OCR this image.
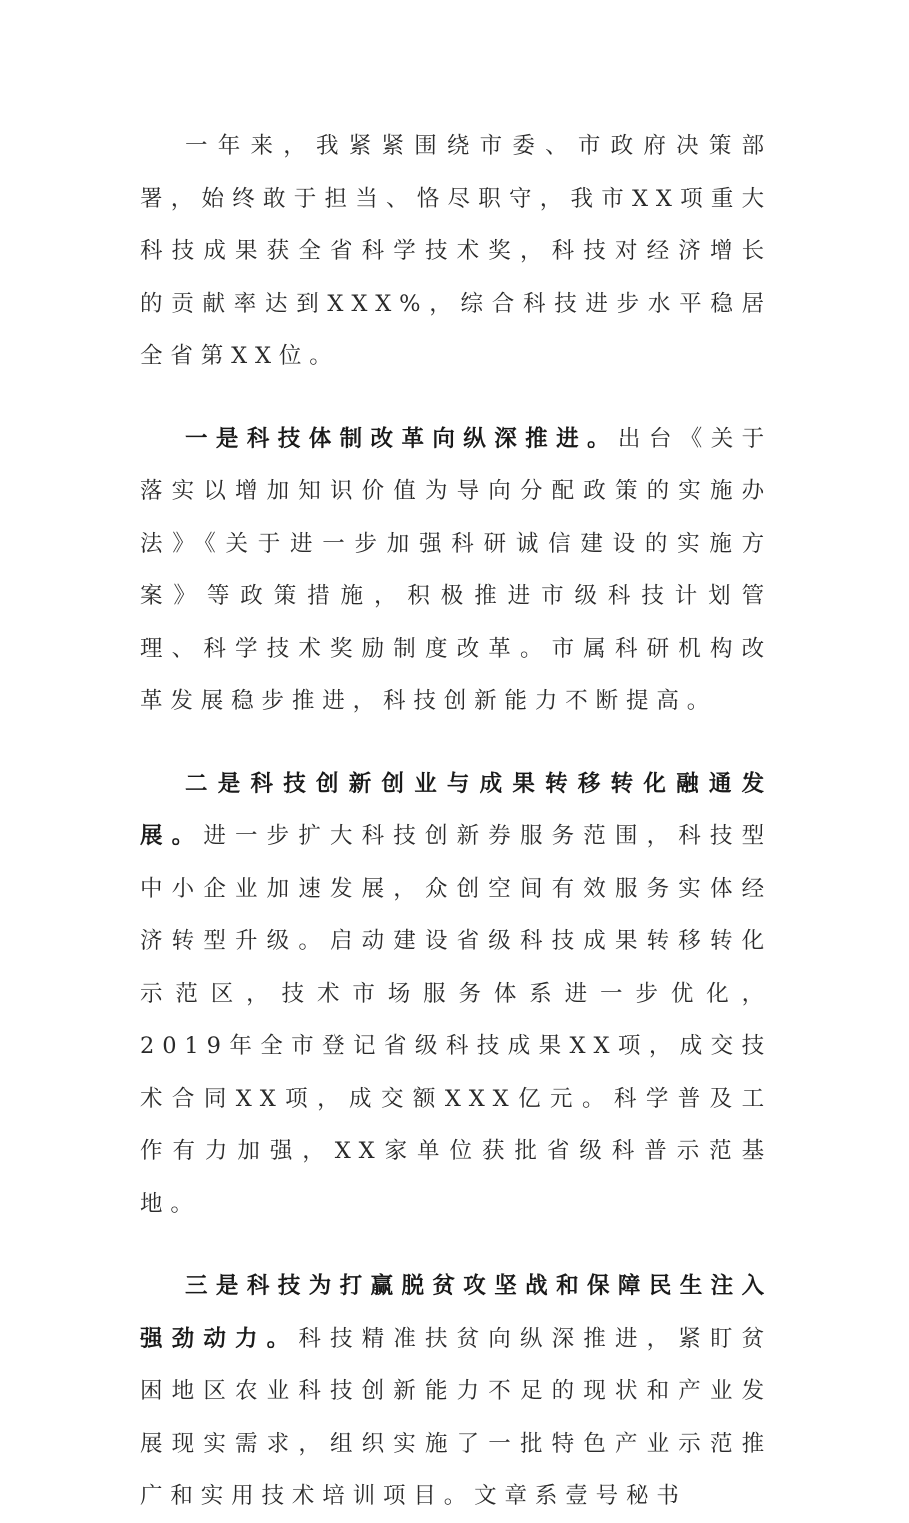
一年来，我紧紧围绕市委、市政府决策部署，始终敢于担当、恪尽职守，我市XX项重大科技成果获全省科学技术奖，科技对经济增长的贡献率达到XXX%，综合科技进步水平稳居全省第XX位。

一是科技体制改革向纵深推进。出台《关于落实以增加知识价值为导向分配政策的实施办法》《关于进一步加强科研诚信建设的实施方案》等政策措施，积极推进市级科技计划管理、科学技术奖励制度改革。市属科研机构改革发展稳步推进，科技创新能力不断提高。

二是科技创新创业与成果转移转化融通发展。进一步扩大科技创新券服务范围，科技型中小企业加速发展，众创空间有效服务实体经济转型升级。启动建设省级科技成果转移转化示范区，技术市场服务体系进一步优化，2019年全市登记省级科技成果XX项，成交技术合同XX项，成交额XXX亿元。科学普及工作有力加强，XX家单位获批省级科普示范基地。

三是科技为打赢脱贫攻坚战和保障民生注入强劲动力。科技精准扶贫向纵深推进，紧盯贫困地区农业科技创新能力不足的现状和产业发展现实需求，组织实施了一批特色产业示范推广和实用技术培训项目。文章系壹号秘书
